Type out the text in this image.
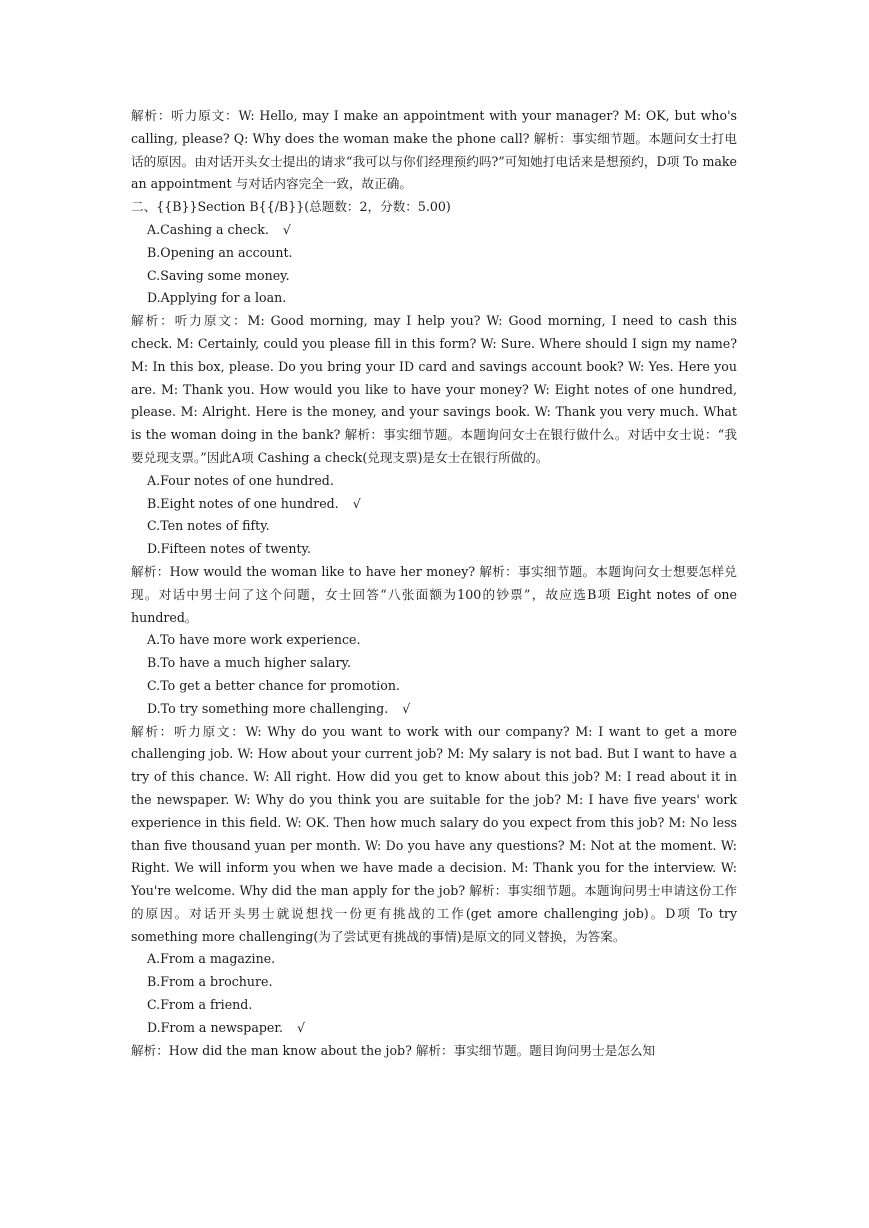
解析：听力原文：W: Hello, may I make an appointment with your manager? M: OK, but who's calling, please? Q: Why does the woman make the phone call? 解析：事实细节题。本题问女士打电话的原因。由对话开头女士提出的请求“我可以与你们经理预约吗?”可知她打电话来是想预约，D项 To make an appointment 与对话内容完全一致，故正确。
二、{{B}}Section B{{/B}}(总题数：2，分数：5.00)
A.Cashing a check. √
B.Opening an account.
C.Saving some money.
D.Applying for a loan.
解析：听力原文：M: Good morning, may I help you? W: Good morning, I need to cash this check. M: Certainly, could you please fill in this form? W: Sure. Where should I sign my name? M: In this box, please. Do you bring your ID card and savings account book? W: Yes. Here you are. M: Thank you. How would you like to have your money? W: Eight notes of one hundred, please. M: Alright. Here is the money, and your savings book. W: Thank you very much. What is the woman doing in the bank? 解析：事实细节题。本题询问女士在银行做什么。对话中女士说：“我要兑现支票。”因此A项 Cashing a check(兑现支票)是女士在银行所做的。
A.Four notes of one hundred.
B.Eight notes of one hundred. √
C.Ten notes of fifty.
D.Fifteen notes of twenty.
解析：How would the woman like to have her money? 解析：事实细节题。本题询问女士想要怎样兑现。对话中男士问了这个问题，女士回答“八张面额为100的钞票”，故应选B项 Eight notes of one hundred。
A.To have more work experience.
B.To have a much higher salary.
C.To get a better chance for promotion.
D.To try something more challenging. √
解析：听力原文：W: Why do you want to work with our company? M: I want to get a more challenging job. W: How about your current job? M: My salary is not bad. But I want to have a try of this chance. W: All right. How did you get to know about this job? M: I read about it in the newspaper. W: Why do you think you are suitable for the job? M: I have five years' work experience in this field. W: OK. Then how much salary do you expect from this job? M: No less than five thousand yuan per month. W: Do you have any questions? M: Not at the moment. W: Right. We will inform you when we have made a decision. M: Thank you for the interview. W: You're welcome. Why did the man apply for the job? 解析：事实细节题。本题询问男士申请这份工作的原因。对话开头男士就说想找一份更有挑战的工作(get amore challenging job)。D项 To try something more challenging(为了尝试更有挑战的事情)是原文的同义替换，为答案。
A.From a magazine.
B.From a brochure.
C.From a friend.
D.From a newspaper. √
解析：How did the man know about the job? 解析：事实细节题。题目询问男士是怎么知
